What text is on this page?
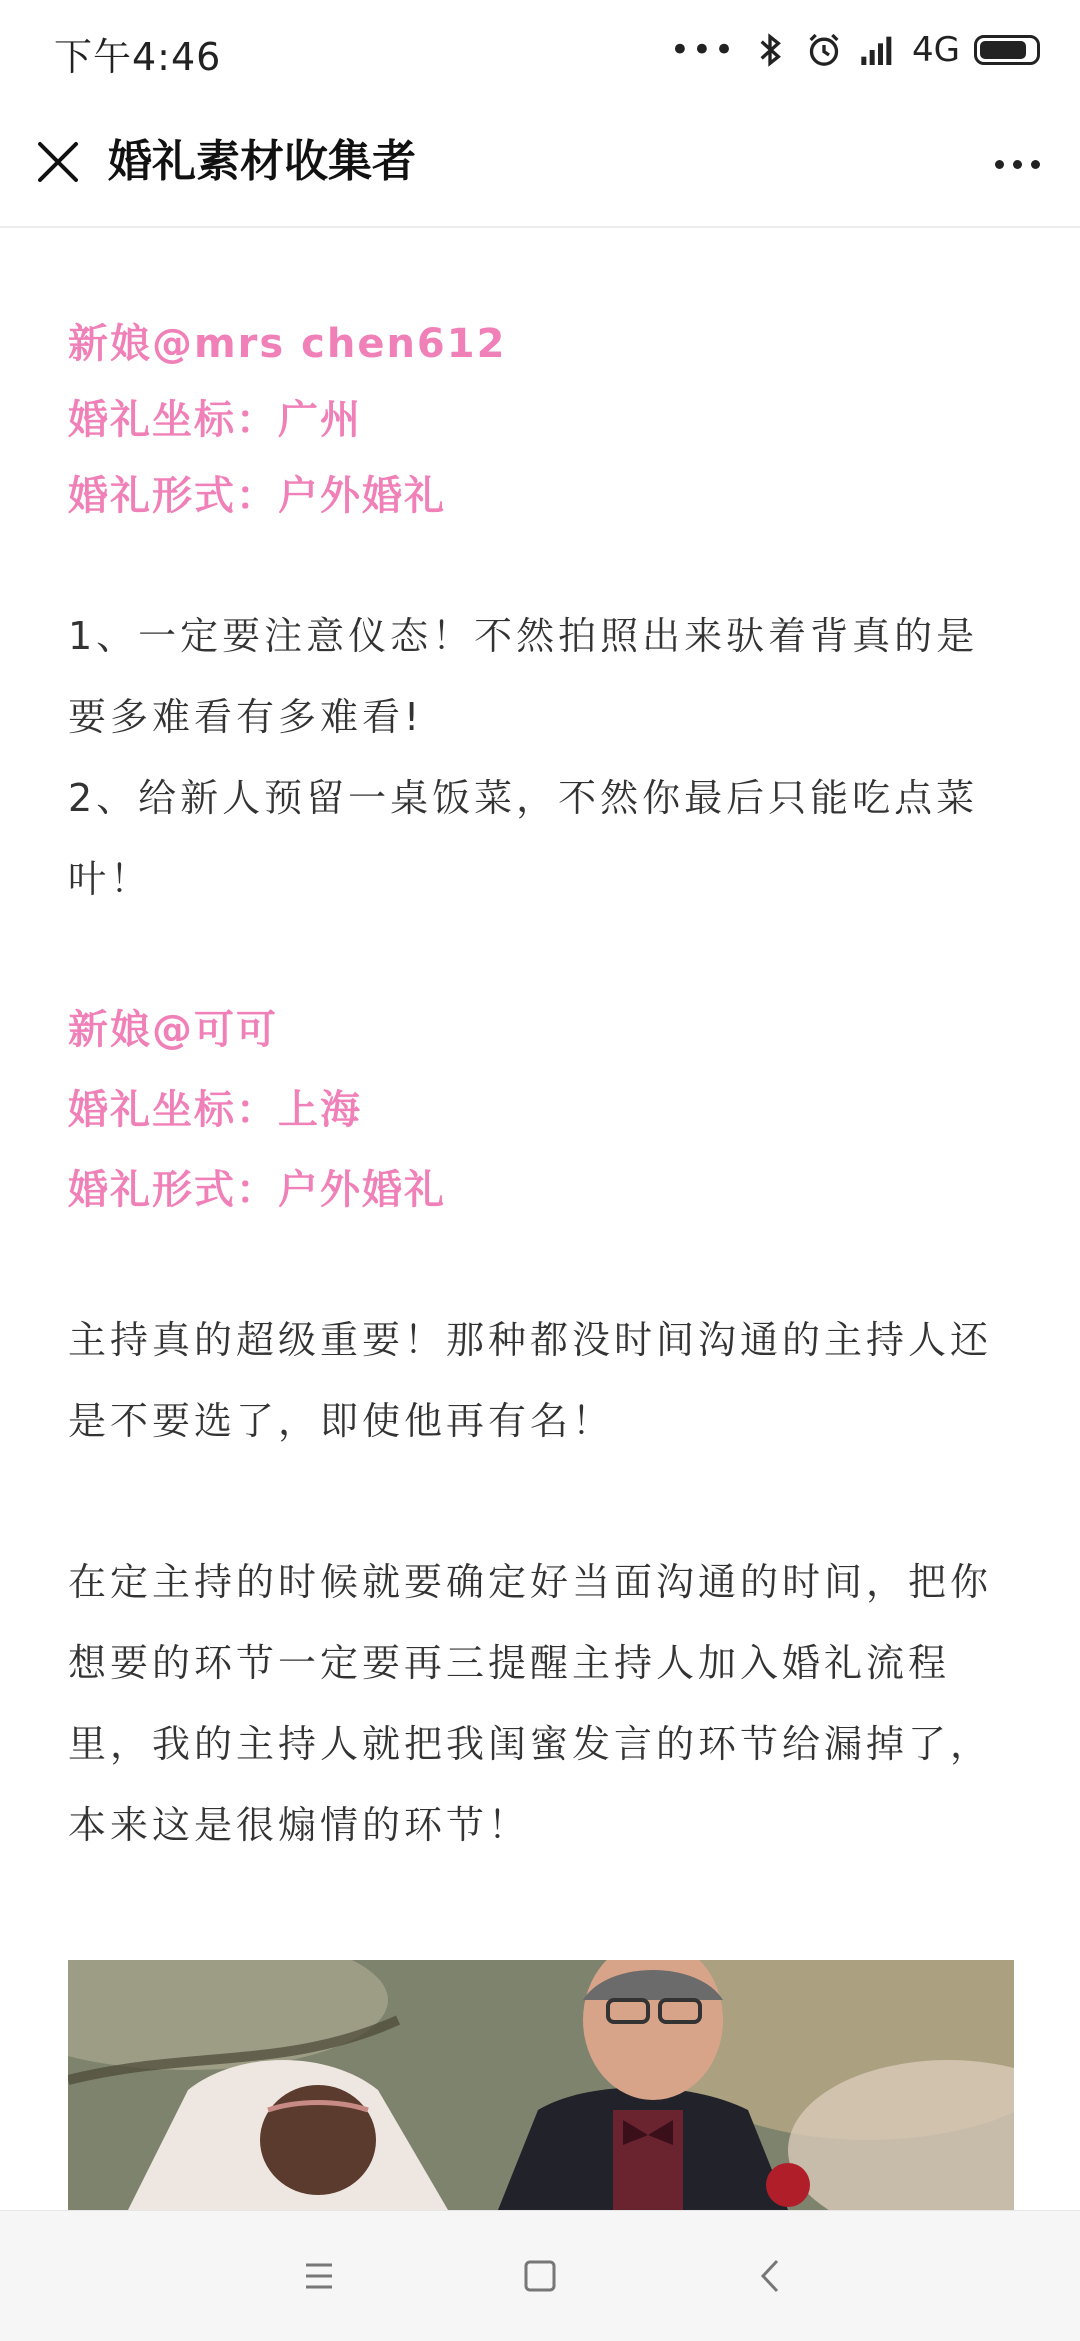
下午4:46	•••	4G
婚礼素材收集者
新娘@mrs chen612
婚礼坐标：广州
婚礼形式：户外婚礼
1、一定要注意仪态！不然拍照出来驮着背真的是
要多难看有多难看!
2、给新人预留一桌饭菜，不然你最后只能吃点菜
叶！
新娘@可可
婚礼坐标：上海
婚礼形式：户外婚礼
主持真的超级重要！那种都没时间沟通的主持人还
是不要选了，即使他再有名！
在定主持的时候就要确定好当面沟通的时间，把你
想要的环节一定要再三提醒主持人加入婚礼流程
里，我的主持人就把我闺蜜发言的环节给漏掉了，
本来这是很煽情的环节！
